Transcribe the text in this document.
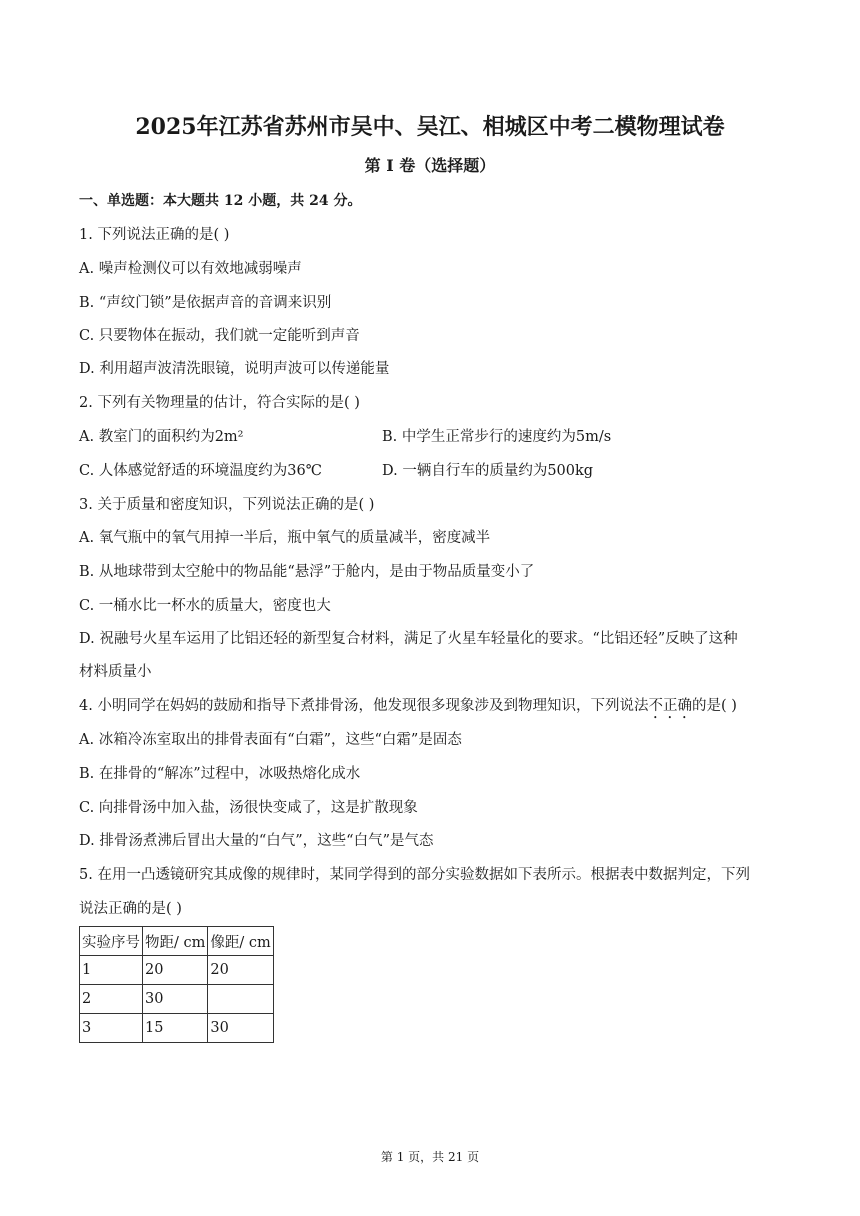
2025年江苏省苏州市吴中、吴江、相城区中考二模物理试卷
第 I 卷（选择题）
一、单选题：本大题共 12 小题，共 24 分。
1. 下列说法正确的是( )
A. 噪声检测仪可以有效地减弱噪声
B. “声纹门锁”是依据声音的音调来识别
C. 只要物体在振动，我们就一定能听到声音
D. 利用超声波清洗眼镜，说明声波可以传递能量
2. 下列有关物理量的估计，符合实际的是( )
A. 教室门的面积约为2m²	B. 中学生正常步行的速度约为5m/s
C. 人体感觉舒适的环境温度约为36℃	D. 一辆自行车的质量约为500kg
3. 关于质量和密度知识，下列说法正确的是( )
A. 氧气瓶中的氧气用掉一半后，瓶中氧气的质量减半，密度减半
B. 从地球带到太空舱中的物品能“悬浮”于舱内，是由于物品质量变小了
C. 一桶水比一杯水的质量大，密度也大
D. 祝融号火星车运用了比铝还轻的新型复合材料，满足了火星车轻量化的要求。“比铝还轻”反映了这种
材料质量小
4. 小明同学在妈妈的鼓励和指导下煮排骨汤，他发现很多现象涉及到物理知识，下列说法不正确的是( )
A. 冰箱冷冻室取出的排骨表面有“白霜”，这些“白霜”是固态
B. 在排骨的“解冻”过程中，冰吸热熔化成水
C. 向排骨汤中加入盐，汤很快变咸了，这是扩散现象
D. 排骨汤煮沸后冒出大量的“白气”，这些“白气”是气态
5. 在用一凸透镜研究其成像的规律时，某同学得到的部分实验数据如下表所示。根据表中数据判定，下列
说法正确的是( )
实验序号	物距/ cm	像距/ cm
1	20	20
2	30	
3	15	30
第 1 页，共 21 页
